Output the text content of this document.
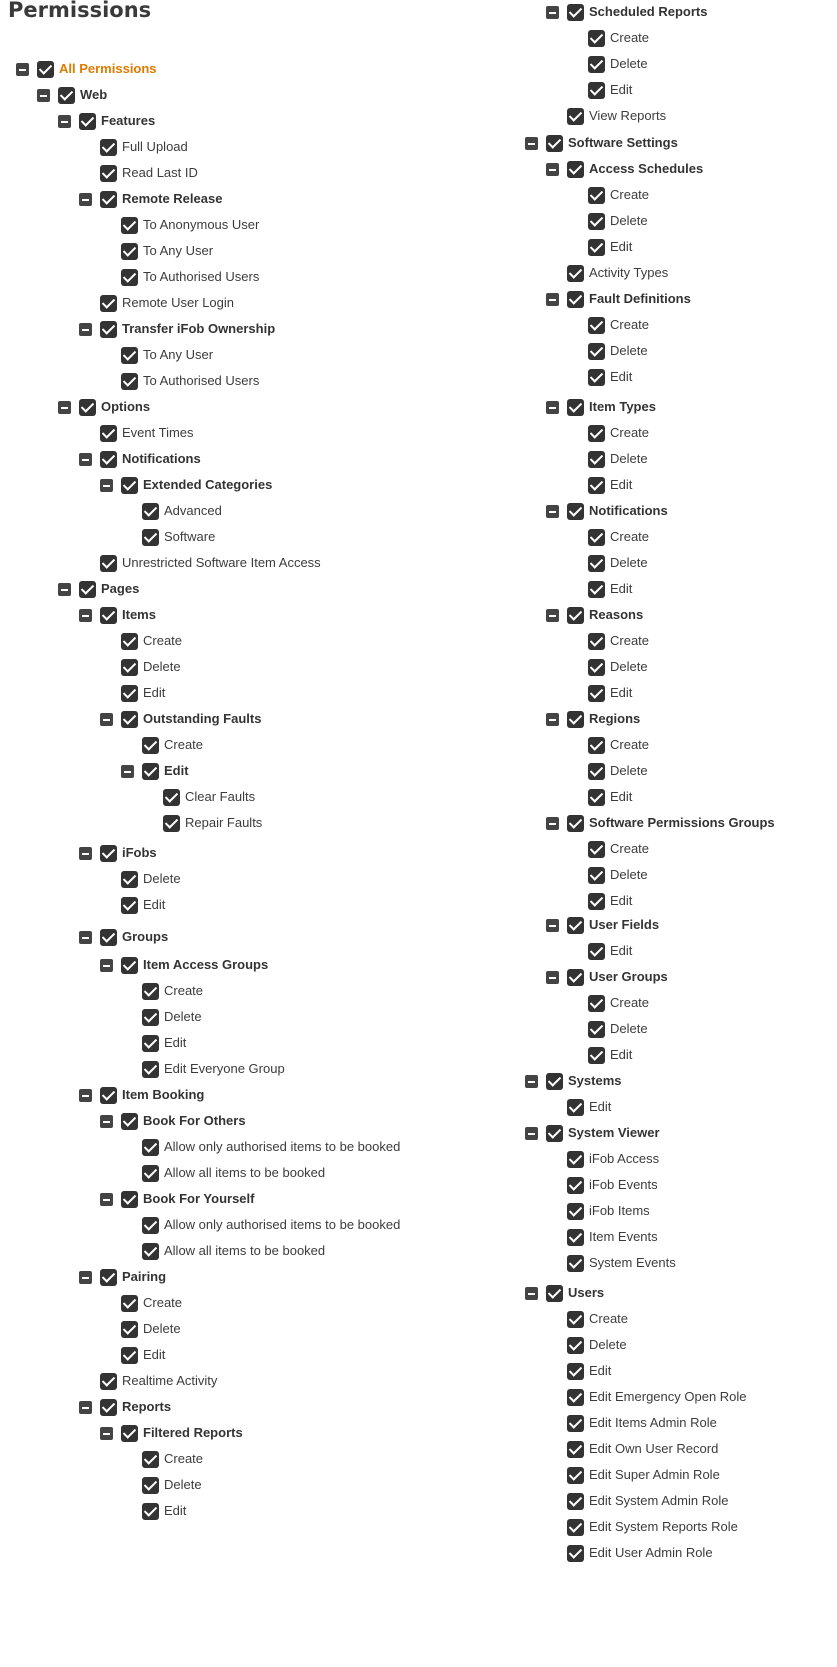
Permissions
All Permissions
Web
Features
Full Upload
Read Last ID
Remote Release
To Anonymous User
To Any User
To Authorised Users
Remote User Login
Transfer iFob Ownership
To Any User
To Authorised Users
Options
Event Times
Notifications
Extended Categories
Advanced
Software
Unrestricted Software Item Access
Pages
Items
Create
Delete
Edit
Outstanding Faults
Create
Edit
Clear Faults
Repair Faults
iFobs
Delete
Edit
Groups
Item Access Groups
Create
Delete
Edit
Edit Everyone Group
Item Booking
Book For Others
Allow only authorised items to be booked
Allow all items to be booked
Book For Yourself
Allow only authorised items to be booked
Allow all items to be booked
Pairing
Create
Delete
Edit
Realtime Activity
Reports
Filtered Reports
Create
Delete
Edit
Scheduled Reports
Create
Delete
Edit
View Reports
Software Settings
Access Schedules
Create
Delete
Edit
Activity Types
Fault Definitions
Create
Delete
Edit
Item Types
Create
Delete
Edit
Notifications
Create
Delete
Edit
Reasons
Create
Delete
Edit
Regions
Create
Delete
Edit
Software Permissions Groups
Create
Delete
Edit
User Fields
Edit
User Groups
Create
Delete
Edit
Systems
Edit
System Viewer
iFob Access
iFob Events
iFob Items
Item Events
System Events
Users
Create
Delete
Edit
Edit Emergency Open Role
Edit Items Admin Role
Edit Own User Record
Edit Super Admin Role
Edit System Admin Role
Edit System Reports Role
Edit User Admin Role
